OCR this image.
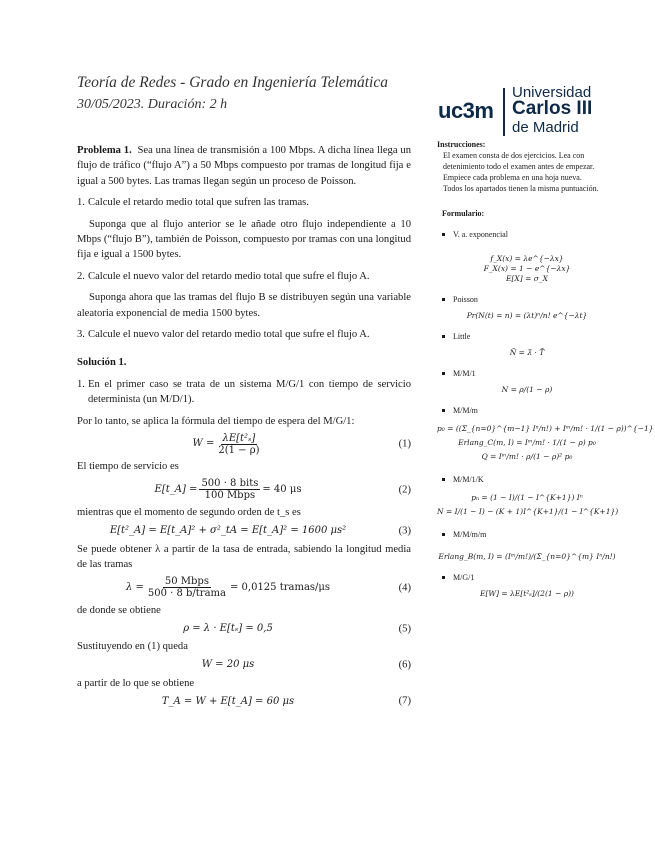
Teoría de Redes - Grado en Ingeniería Telemática
30/05/2023. Duración: 2 h	uc3m
Universidad
Carlos III
de Madrid

Problema 1. Sea una línea de transmisión a 100 Mbps. A dicha línea llega un flujo de tráfico (“flujo A”) a 50 Mbps compuesto por tramas de longitud fija e igual a 500 bytes. Las tramas llegan según un proceso de Poisson.

1. Calcule el retardo medio total que sufren las tramas.

Suponga que al flujo anterior se le añade otro flujo independiente a 10 Mbps (“flujo B”), también de Poisson, compuesto por tramas con una longitud fija e igual a 1500 bytes.

2. Calcule el nuevo valor del retardo medio total que sufre el flujo A.

Suponga ahora que las tramas del flujo B se distribuyen según una variable aleatoria exponencial de media 1500 bytes.

3. Calcule el nuevo valor del retardo medio total que sufre el flujo A.

Solución 1.

1. En el primer caso se trata de un sistema M/G/1 con tiempo de servicio determinista (un M/D/1).

Por lo tanto, se aplica la fórmula del tiempo de espera del M/G/1:

$W = \frac{\text{λE[t²ₛ]}}{2(1 - \rho)}$	(1)

El tiempo de servicio es

E[t_A] = $\frac{\text{500 · 8 bits}}{\text{100 Mbps}} = 40$ μs	(2)

mientras que el momento de segundo orden de t_s es

E[t²_A] = E[t_A]² + σ²_tA = E[t_A]² = 1600 μs²	(3)

Se puede obtener λ a partir de la tasa de entrada, sabiendo la longitud media de las tramas

$\lambda = \frac{\text{50 Mbps}}{\text{500 · 8 b/trama}} = 0,0125$ tramas/μs	(4)

de donde se obtiene

ρ = λ · E[tₛ] = 0,5	(5)

Sustituyendo en (1) queda

W = 20 μs	(6)

a partir de lo que se obtiene

T_A = W + E[t_A] = 60 μs	(7)
Instrucciones:
El examen consta de dos ejercicios. Lea con detenimiento todo el examen antes de empezar.
Empiece cada problema en una hoja nueva.
Todos los apartados tienen la misma puntuación.
Formulario:
V. a. exponencial
f_X(x) = λe^{−λx}
F_X(x) = 1 − e^{−λx}
E[X] = σ_X
Poisson
Pr(N(t) = n) = (λt)ⁿ/n! e^{−λt}
Little
N̄ = λ̄ · T̄
M/M/1
N = ρ/(1 − ρ)
M/M/m
p₀ = ((Σ_{n=0}^{m−1} Iⁿ/n!) + Iᵐ/m! · 1/(1 − ρ))^{−1}
Erlang_C(m, I) = Iᵐ/m! · 1/(1 − ρ) p₀
Q = Iᵐ/m! · ρ/(1 − ρ)² p₀
M/M/1/K
pₙ = (1 − I)/(1 − I^{K+1}) Iⁿ
N = I/(1 − I) − (K + 1)I^{K+1}/(1 − I^{K+1})
M/M/m/m
Erlang_B(m, I) = (Iᵐ/m!)/(Σ_{n=0}^{m} Iⁿ/n!)
M/G/1
E[W] = λE[t²ₛ]/(2(1 − ρ))
